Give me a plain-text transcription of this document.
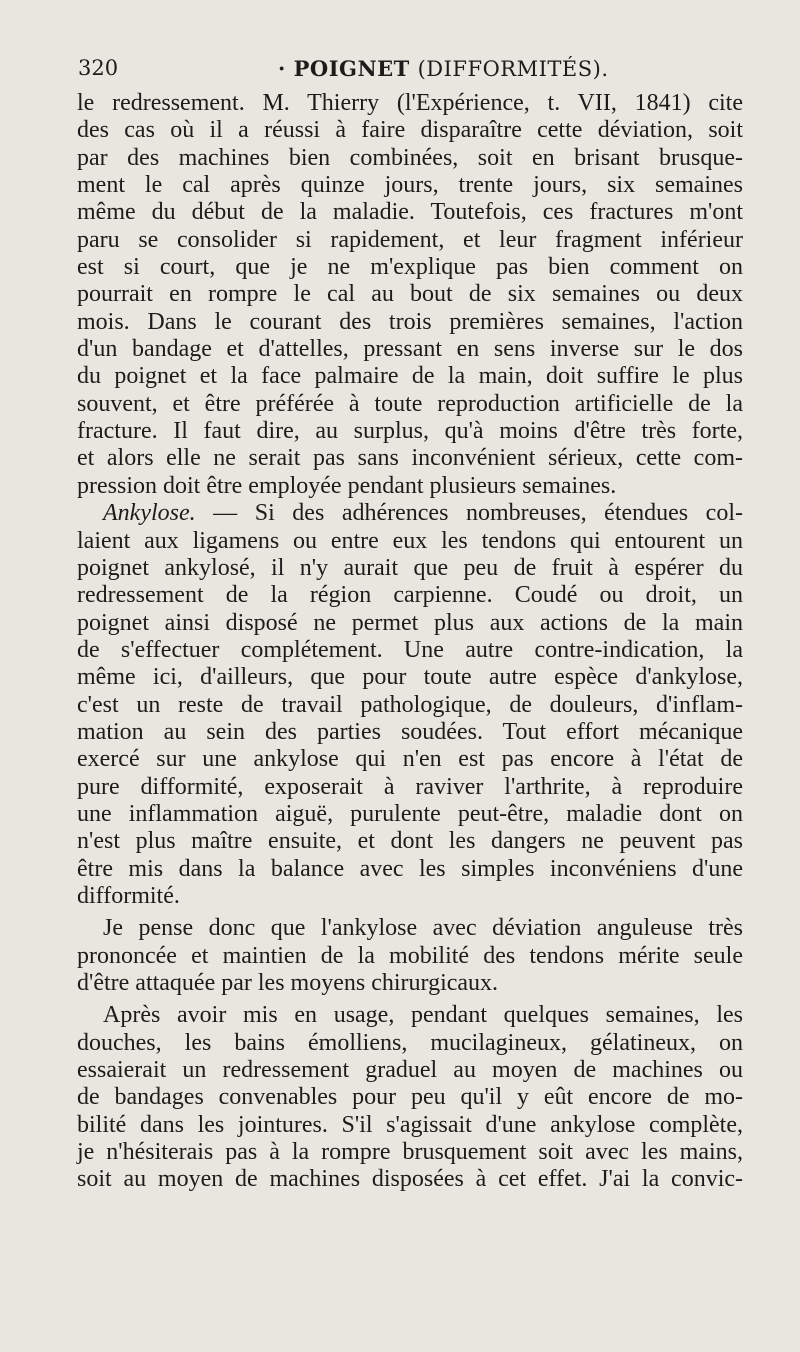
320	· POIGNET (DIFFORMITÉS).

le redressement. M. Thierry (l'Expérience, t. VII, 1841) cite
des cas où il a réussi à faire disparaître cette déviation, soit
par des machines bien combinées, soit en brisant brusque-
ment le cal après quinze jours, trente jours, six semaines
même du début de la maladie. Toutefois, ces fractures m'ont
paru se consolider si rapidement, et leur fragment inférieur
est si court, que je ne m'explique pas bien comment on
pourrait en rompre le cal au bout de six semaines ou deux
mois. Dans le courant des trois premières semaines, l'action
d'un bandage et d'attelles, pressant en sens inverse sur le dos
du poignet et la face palmaire de la main, doit suffire le plus
souvent, et être préférée à toute reproduction artificielle de la
fracture. Il faut dire, au surplus, qu'à moins d'être très forte,
et alors elle ne serait pas sans inconvénient sérieux, cette com-
pression doit être employée pendant plusieurs semaines.

Ankylose. — Si des adhérences nombreuses, étendues col-
laient aux ligamens ou entre eux les tendons qui entourent un
poignet ankylosé, il n'y aurait que peu de fruit à espérer du
redressement de la région carpienne. Coudé ou droit, un
poignet ainsi disposé ne permet plus aux actions de la main
de s'effectuer complétement. Une autre contre-indication, la
même ici, d'ailleurs, que pour toute autre espèce d'ankylose,
c'est un reste de travail pathologique, de douleurs, d'inflam-
mation au sein des parties soudées. Tout effort mécanique
exercé sur une ankylose qui n'en est pas encore à l'état de
pure difformité, exposerait à raviver l'arthrite, à reproduire
une inflammation aiguë, purulente peut-être, maladie dont on
n'est plus maître ensuite, et dont les dangers ne peuvent pas
être mis dans la balance avec les simples inconvéniens d'une
difformité.

Je pense donc que l'ankylose avec déviation anguleuse très
prononcée et maintien de la mobilité des tendons mérite seule
d'être attaquée par les moyens chirurgicaux.

Après avoir mis en usage, pendant quelques semaines, les
douches, les bains émolliens, mucilagineux, gélatineux, on
essaierait un redressement graduel au moyen de machines ou
de bandages convenables pour peu qu'il y eût encore de mo-
bilité dans les jointures. S'il s'agissait d'une ankylose complète,
je n'hésiterais pas à la rompre brusquement soit avec les mains,
soit au moyen de machines disposées à cet effet. J'ai la convic-
